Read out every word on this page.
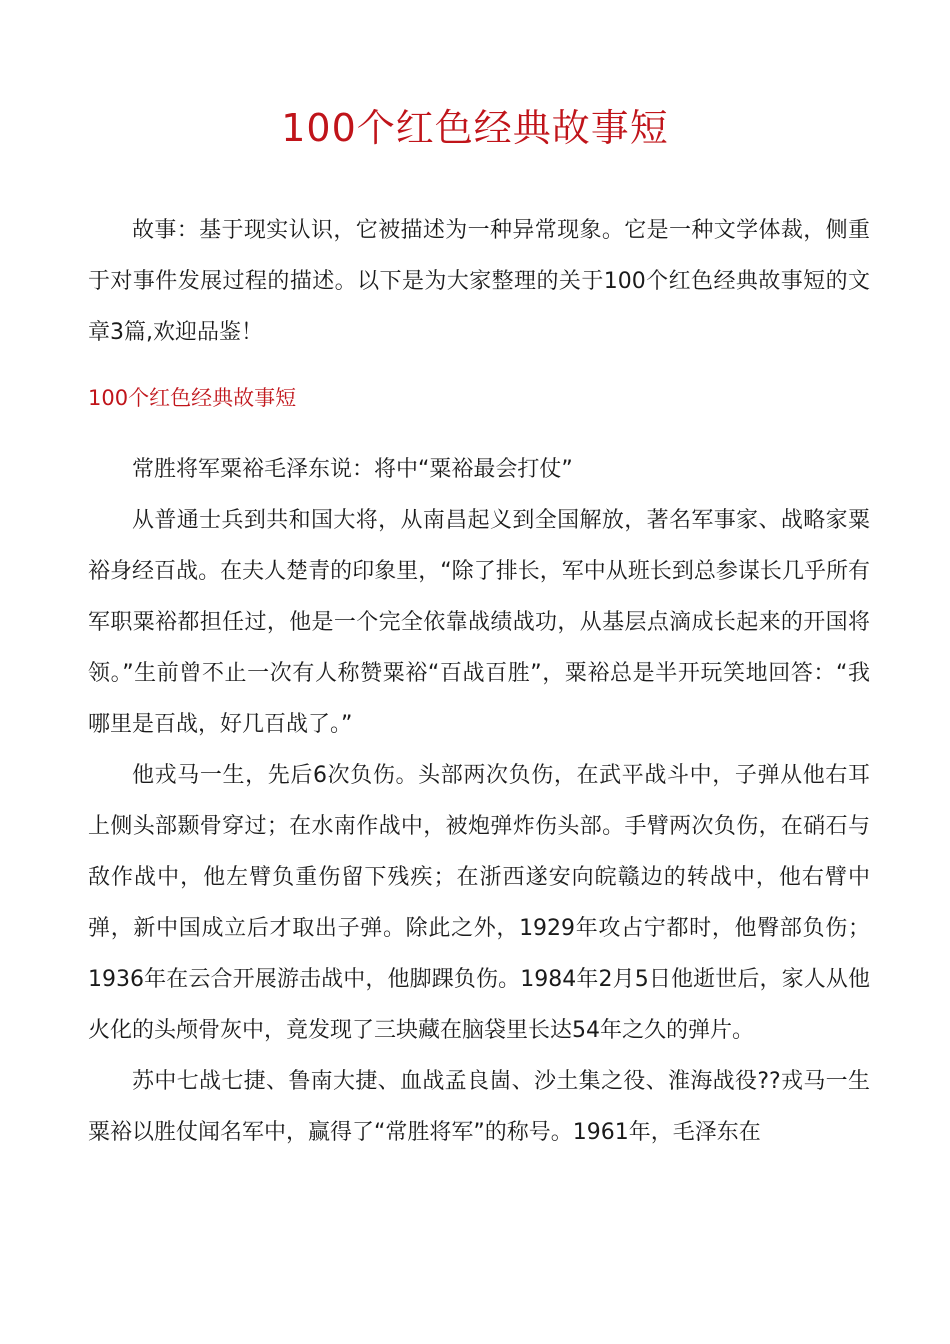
100个红色经典故事短

故事：基于现实认识，它被描述为一种异常现象。它是一种文学体裁，侧重于对事件发展过程的描述。以下是为大家整理的关于100个红色经典故事短的文章3篇,欢迎品鉴！

100个红色经典故事短

常胜将军粟裕毛泽东说：将中“粟裕最会打仗”

从普通士兵到共和国大将，从南昌起义到全国解放，著名军事家、战略家粟裕身经百战。在夫人楚青的印象里，“除了排长，军中从班长到总参谋长几乎所有军职粟裕都担任过，他是一个完全依靠战绩战功，从基层点滴成长起来的开国将领。”生前曾不止一次有人称赞粟裕“百战百胜”，粟裕总是半开玩笑地回答：“我哪里是百战，好几百战了。”

他戎马一生，先后6次负伤。头部两次负伤，在武平战斗中，子弹从他右耳上侧头部颞骨穿过；在水南作战中，被炮弹炸伤头部。手臂两次负伤，在硝石与敌作战中，他左臂负重伤留下残疾；在浙西遂安向皖赣边的转战中，他右臂中弹，新中国成立后才取出子弹。除此之外，1929年攻占宁都时，他臀部负伤；1936年在云合开展游击战中，他脚踝负伤。1984年2月5日他逝世后，家人从他火化的头颅骨灰中，竟发现了三块藏在脑袋里长达54年之久的弹片。

苏中七战七捷、鲁南大捷、血战孟良崮、沙土集之役、淮海战役??戎马一生粟裕以胜仗闻名军中，赢得了“常胜将军”的称号。1961年，毛泽东在
